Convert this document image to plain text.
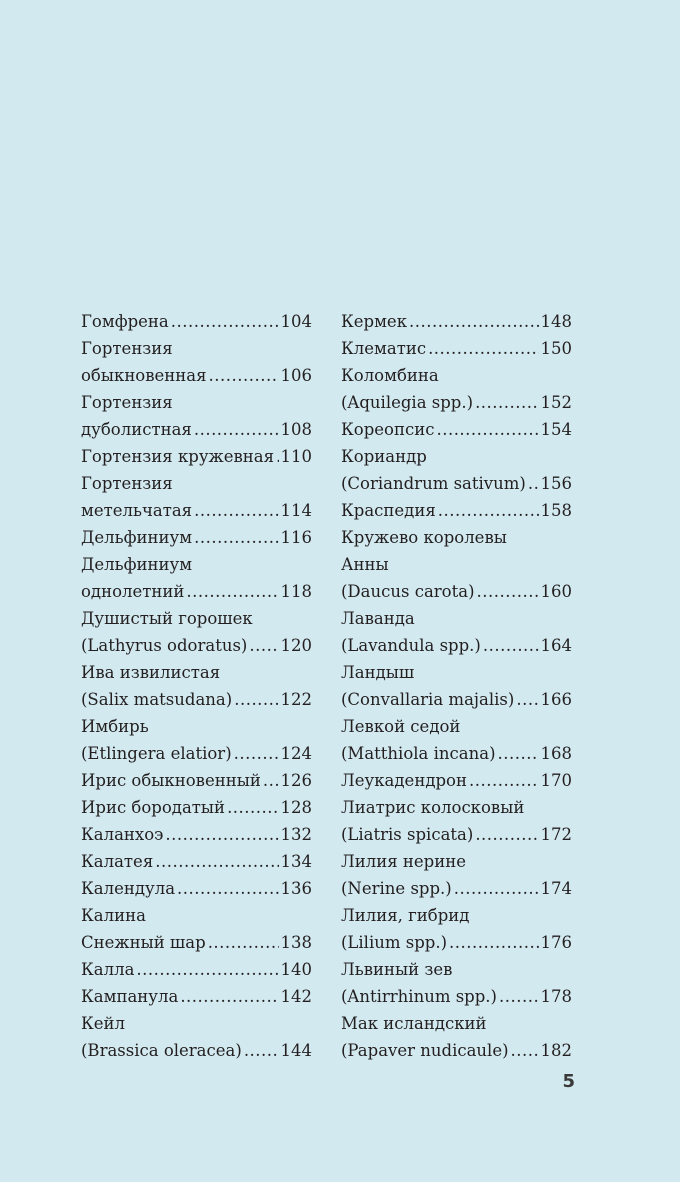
Гомфрена .....	104
Гортензия
обыкновенная .....	106
Гортензия
дуболистная .....	108
Гортензия кружевная ..... 110
Гортензия
метельчатая .....	114
Дельфиниум .....	116
Дельфиниум
однолетний .....	118
Душистый горошек
(Lathyrus odoratus) ..... 120
Ива извилистая
(Salix matsudana) .....	122
Имбирь
(Etlingera elatior) .....	124
Ирис обыкновенный ..... 126
Ирис бородатый .....	128
Каланхоэ .....	132
Калатея .....	134
Календула .....	136
Калина
Снежный шар .....	138
Калла .....	140
Кампанула .....	142
Кейл
(Brassica oleracea) ..... 144
Кермек .....	148
Клематис .....	150
Коломбина
(Aquilegia spp.) .....	152
Кореопсис .....	154
Кориандр
(Coriandrum sativum) ..... 156
Краспедия .....	158
Кружево королевы
Анны
(Daucus carota) .....	160
Лаванда
(Lavandula spp.) .....	164
Ландыш
(Convallaria majalis) ..... 166
Левкой седой
(Matthiola incana) .....	168
Леукадендрон .....	170
Лиатрис колосковый
(Liatris spicata) .....	172
Лилия нерине
(Nerine spp.) .....	174
Лилия, гибрид
(Lilium spp.) .....	176
Львиный зев
(Antirrhinum spp.) .....	178
Мак исландский
(Papaver nudicaule) ..... 182
5
